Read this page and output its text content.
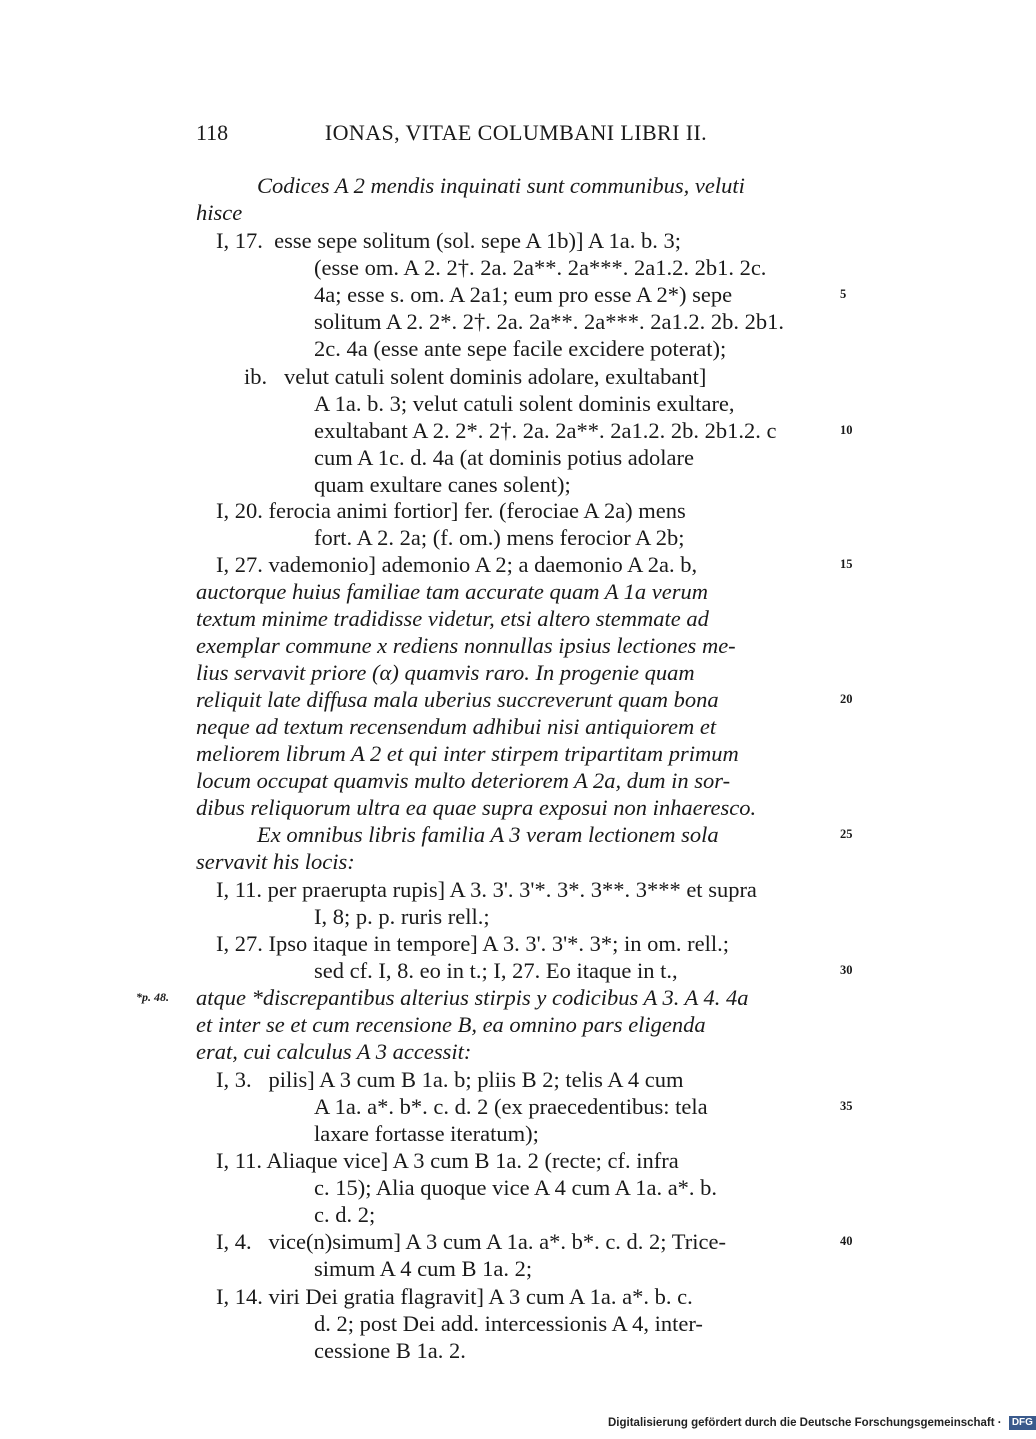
118	IONAS, VITAE COLUMBANI LIBRI II.
Codices A 2 mendis inquinati sunt communibus, veluti
hisce
I, 17.  esse sepe solitum (sol. sepe A 1b)] A 1a. b. 3;
(esse om. A 2. 2†. 2a. 2a**. 2a***. 2a1.2. 2b1. 2c.
4a; esse s. om. A 2a1; eum pro esse A 2*) sepe
solitum A 2. 2*. 2†. 2a. 2a**. 2a***. 2a1.2. 2b. 2b1.
2c. 4a (esse ante sepe facile excidere poterat);
ib.   velut catuli solent dominis adolare, exultabant]
A 1a. b. 3; velut catuli solent dominis exultare,
exultabant A 2. 2*. 2†. 2a. 2a**. 2a1.2. 2b. 2b1.2. c
cum A 1c. d. 4a (at dominis potius adolare
quam exultare canes solent);
I, 20. ferocia animi fortior] fer. (ferociae A 2a) mens
fort. A 2. 2a; (f. om.) mens ferocior A 2b;
I, 27. vademonio] ademonio A 2; a daemonio A 2a. b,
auctorque huius familiae tam accurate quam A 1a verum
textum minime tradidisse videtur, etsi altero stemmate ad
exemplar commune x rediens nonnullas ipsius lectiones me-
lius servavit priore (α) quamvis raro. In progenie quam
reliquit late diffusa mala uberius succreverunt quam bona
neque ad textum recensendum adhibui nisi antiquiorem et
meliorem librum A 2 et qui inter stirpem tripartitam primum
locum occupat quamvis multo deteriorem A 2a, dum in sor-
dibus reliquorum ultra ea quae supra exposui non inhaeresco.
Ex omnibus libris familia A 3 veram lectionem sola
servavit his locis:
I, 11. per praerupta rupis] A 3. 3'. 3'*. 3*. 3**. 3*** et supra
I, 8; p. p. ruris rell.;
I, 27. Ipso itaque in tempore] A 3. 3'. 3'*. 3*; in om. rell.;
sed cf. I, 8. eo in t.; I, 27. Eo itaque in t.,
atque *discrepantibus alterius stirpis y codicibus A 3. A 4. 4a
et inter se et cum recensione B, ea omnino pars eligenda
erat, cui calculus A 3 accessit:
I, 3.   pilis] A 3 cum B 1a. b; pliis B 2; telis A 4 cum
A 1a. a*. b*. c. d. 2 (ex praecedentibus: tela
laxare fortasse iteratum);
I, 11. Aliaque vice] A 3 cum B 1a. 2 (recte; cf. infra
c. 15); Alia quoque vice A 4 cum A 1a. a*. b.
c. d. 2;
I, 4.   vice(n)simum] A 3 cum A 1a. a*. b*. c. d. 2; Trice-
simum A 4 cum B 1a. 2;
I, 14. viri Dei gratia flagravit] A 3 cum A 1a. a*. b. c.
d. 2; post Dei add. intercessionis A 4, inter-
cessione B 1a. 2.
5
10
15
20
25
30
35
40
*p. 48.
Digitalisierung gefördert durch die Deutsche Forschungsgemeinschaft · DFG
